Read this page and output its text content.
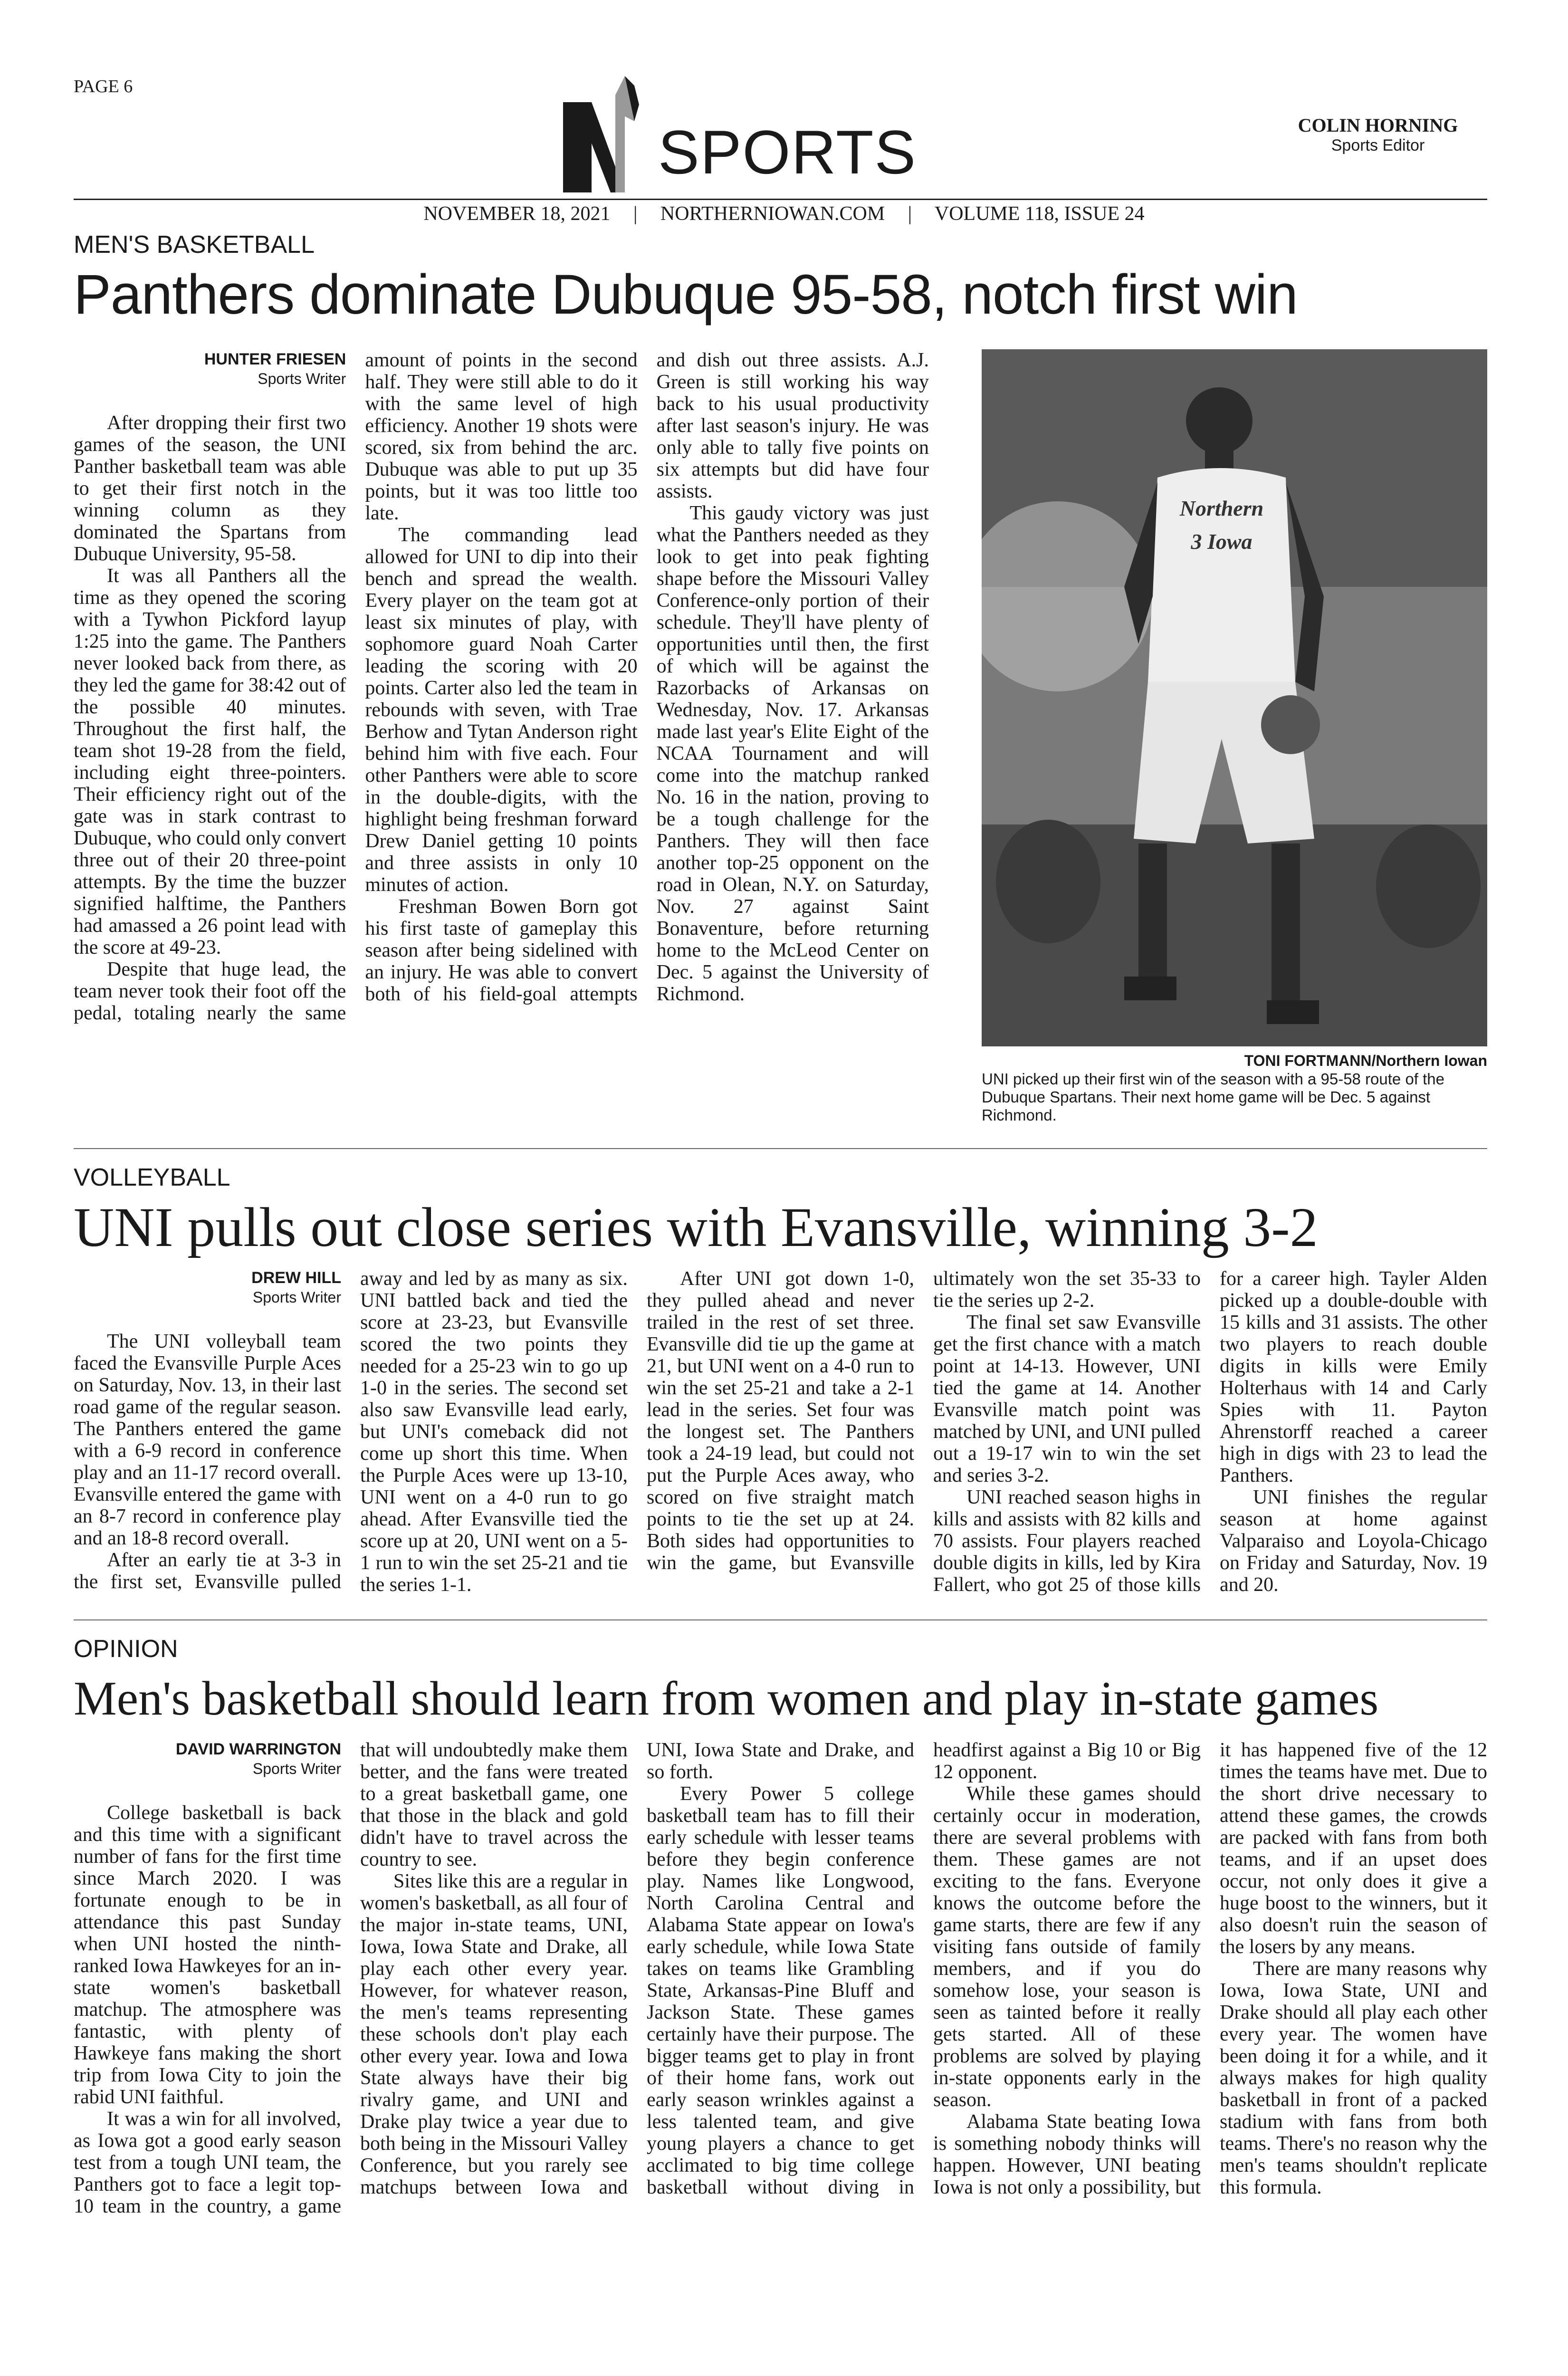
PAGE 6
SPORTS	COLIN HORNING
Sports Editor
NOVEMBER 18, 2021 | NORTHERNIOWAN.COM | VOLUME 118, ISSUE 24
MEN'S BASKETBALL
Panthers dominate Dubuque 95-58, notch first win
HUNTER FRIESEN
Sports Writer

After dropping their first two games of the season, the UNI Panther basketball team was able to get their first notch in the winning column as they dominated the Spartans from Dubuque University, 95-58.

It was all Panthers all the time as they opened the scoring with a Tywhon Pickford layup 1:25 into the game. The Panthers never looked back from there, as they led the game for 38:42 out of the possible 40 minutes. Throughout the first half, the team shot 19-28 from the field, including eight three-pointers. Their efficiency right out of the gate was in stark contrast to Dubuque, who could only convert three out of their 20 three-point attempts. By the time the buzzer signified halftime, the Panthers had amassed a 26 point lead with the score at 49-23.

Despite that huge lead, the team never took their foot off the pedal, totaling nearly the same amount of points in the second half. They were still able to do it with the same level of high efficiency. Another 19 shots were scored, six from behind the arc. Dubuque was able to put up 35 points, but it was too little too late.

The commanding lead allowed for UNI to dip into their bench and spread the wealth. Every player on the team got at least six minutes of play, with sophomore guard Noah Carter leading the scoring with 20 points. Carter also led the team in rebounds with seven, with Trae Berhow and Tytan Anderson right behind him with five each. Four other Panthers were able to score in the double-digits, with the highlight being freshman forward Drew Daniel getting 10 points and three assists in only 10 minutes of action.

Freshman Bowen Born got his first taste of gameplay this season after being sidelined with an injury. He was able to convert both of his field-goal attempts and dish out three assists. A.J. Green is still working his way back to his usual productivity after last season's injury. He was only able to tally five points on six attempts but did have four assists.

This gaudy victory was just what the Panthers needed as they look to get into peak fighting shape before the Missouri Valley Conference-only portion of their schedule. They'll have plenty of opportunities until then, the first of which will be against the Razorbacks of Arkansas on Wednesday, Nov. 17. Arkansas made last year's Elite Eight of the NCAA Tournament and will come into the matchup ranked No. 16 in the nation, proving to be a tough challenge for the Panthers. They will then face another top-25 opponent on the road in Olean, N.Y. on Saturday, Nov. 27 against Saint Bonaventure, before returning home to the McLeod Center on Dec. 5 against the University of Richmond.

Northern 3 Iowa
TONI FORTMANN/Northern Iowan
UNI picked up their first win of the season with a 95-58 route of the Dubuque Spartans. Their next home game will be Dec. 5 against Richmond.
VOLLEYBALL
UNI pulls out close series with Evansville, winning 3-2
DREW HILL
Sports Writer

The UNI volleyball team faced the Evansville Purple Aces on Saturday, Nov. 13, in their last road game of the regular season. The Panthers entered the game with a 6-9 record in conference play and an 11-17 record overall. Evansville entered the game with an 8-7 record in conference play and an 18-8 record overall.

After an early tie at 3-3 in the first set, Evansville pulled away and led by as many as six. UNI battled back and tied the score at 23-23, but Evansville scored the two points they needed for a 25-23 win to go up 1-0 in the series. The second set also saw Evansville lead early, but UNI's comeback did not come up short this time. When the Purple Aces were up 13-10, UNI went on a 4-0 run to go ahead. After Evansville tied the score up at 20, UNI went on a 5-1 run to win the set 25-21 and tie the series 1-1.

After UNI got down 1-0, they pulled ahead and never trailed in the rest of set three. Evansville did tie up the game at 21, but UNI went on a 4-0 run to win the set 25-21 and take a 2-1 lead in the series. Set four was the longest set. The Panthers took a 24-19 lead, but could not put the Purple Aces away, who scored on five straight match points to tie the set up at 24. Both sides had opportunities to win the game, but Evansville ultimately won the set 35-33 to tie the series up 2-2.

The final set saw Evansville get the first chance with a match point at 14-13. However, UNI tied the game at 14. Another Evansville match point was matched by UNI, and UNI pulled out a 19-17 win to win the set and series 3-2.

UNI reached season highs in kills and assists with 82 kills and 70 assists. Four players reached double digits in kills, led by Kira Fallert, who got 25 of those kills for a career high. Tayler Alden picked up a double-double with 15 kills and 31 assists. The other two players to reach double digits in kills were Emily Holterhaus with 14 and Carly Spies with 11. Payton Ahrenstorff reached a career high in digs with 23 to lead the Panthers.

UNI finishes the regular season at home against Valparaiso and Loyola-Chicago on Friday and Saturday, Nov. 19 and 20.

OPINION
Men's basketball should learn from women and play in-state games
DAVID WARRINGTON
Sports Writer

College basketball is back and this time with a significant number of fans for the first time since March 2020. I was fortunate enough to be in attendance this past Sunday when UNI hosted the ninth-ranked Iowa Hawkeyes for an in-state women's basketball matchup. The atmosphere was fantastic, with plenty of Hawkeye fans making the short trip from Iowa City to join the rabid UNI faithful.

It was a win for all involved, as Iowa got a good early season test from a tough UNI team, the Panthers got to face a legit top-10 team in the country, a game that will undoubtedly make them better, and the fans were treated to a great basketball game, one that those in the black and gold didn't have to travel across the country to see.

Sites like this are a regular in women's basketball, as all four of the major in-state teams, UNI, Iowa, Iowa State and Drake, all play each other every year. However, for whatever reason, the men's teams representing these schools don't play each other every year. Iowa and Iowa State always have their big rivalry game, and UNI and Drake play twice a year due to both being in the Missouri Valley Conference, but you rarely see matchups between Iowa and UNI, Iowa State and Drake, and so forth.

Every Power 5 college basketball team has to fill their early schedule with lesser teams before they begin conference play. Names like Longwood, North Carolina Central and Alabama State appear on Iowa's early schedule, while Iowa State takes on teams like Grambling State, Arkansas-Pine Bluff and Jackson State. These games certainly have their purpose. The bigger teams get to play in front of their home fans, work out early season wrinkles against a less talented team, and give young players a chance to get acclimated to big time college basketball without diving in headfirst against a Big 10 or Big 12 opponent.

While these games should certainly occur in moderation, there are several problems with them. These games are not exciting to the fans. Everyone knows the outcome before the game starts, there are few if any visiting fans outside of family members, and if you do somehow lose, your season is seen as tainted before it really gets started. All of these problems are solved by playing in-state opponents early in the season.

Alabama State beating Iowa is something nobody thinks will happen. However, UNI beating Iowa is not only a possibility, but it has happened five of the 12 times the teams have met. Due to the short drive necessary to attend these games, the crowds are packed with fans from both teams, and if an upset does occur, not only does it give a huge boost to the winners, but it also doesn't ruin the season of the losers by any means.

There are many reasons why Iowa, Iowa State, UNI and Drake should all play each other every year. The women have been doing it for a while, and it always makes for high quality basketball in front of a packed stadium with fans from both teams. There's no reason why the men's teams shouldn't replicate this formula.
